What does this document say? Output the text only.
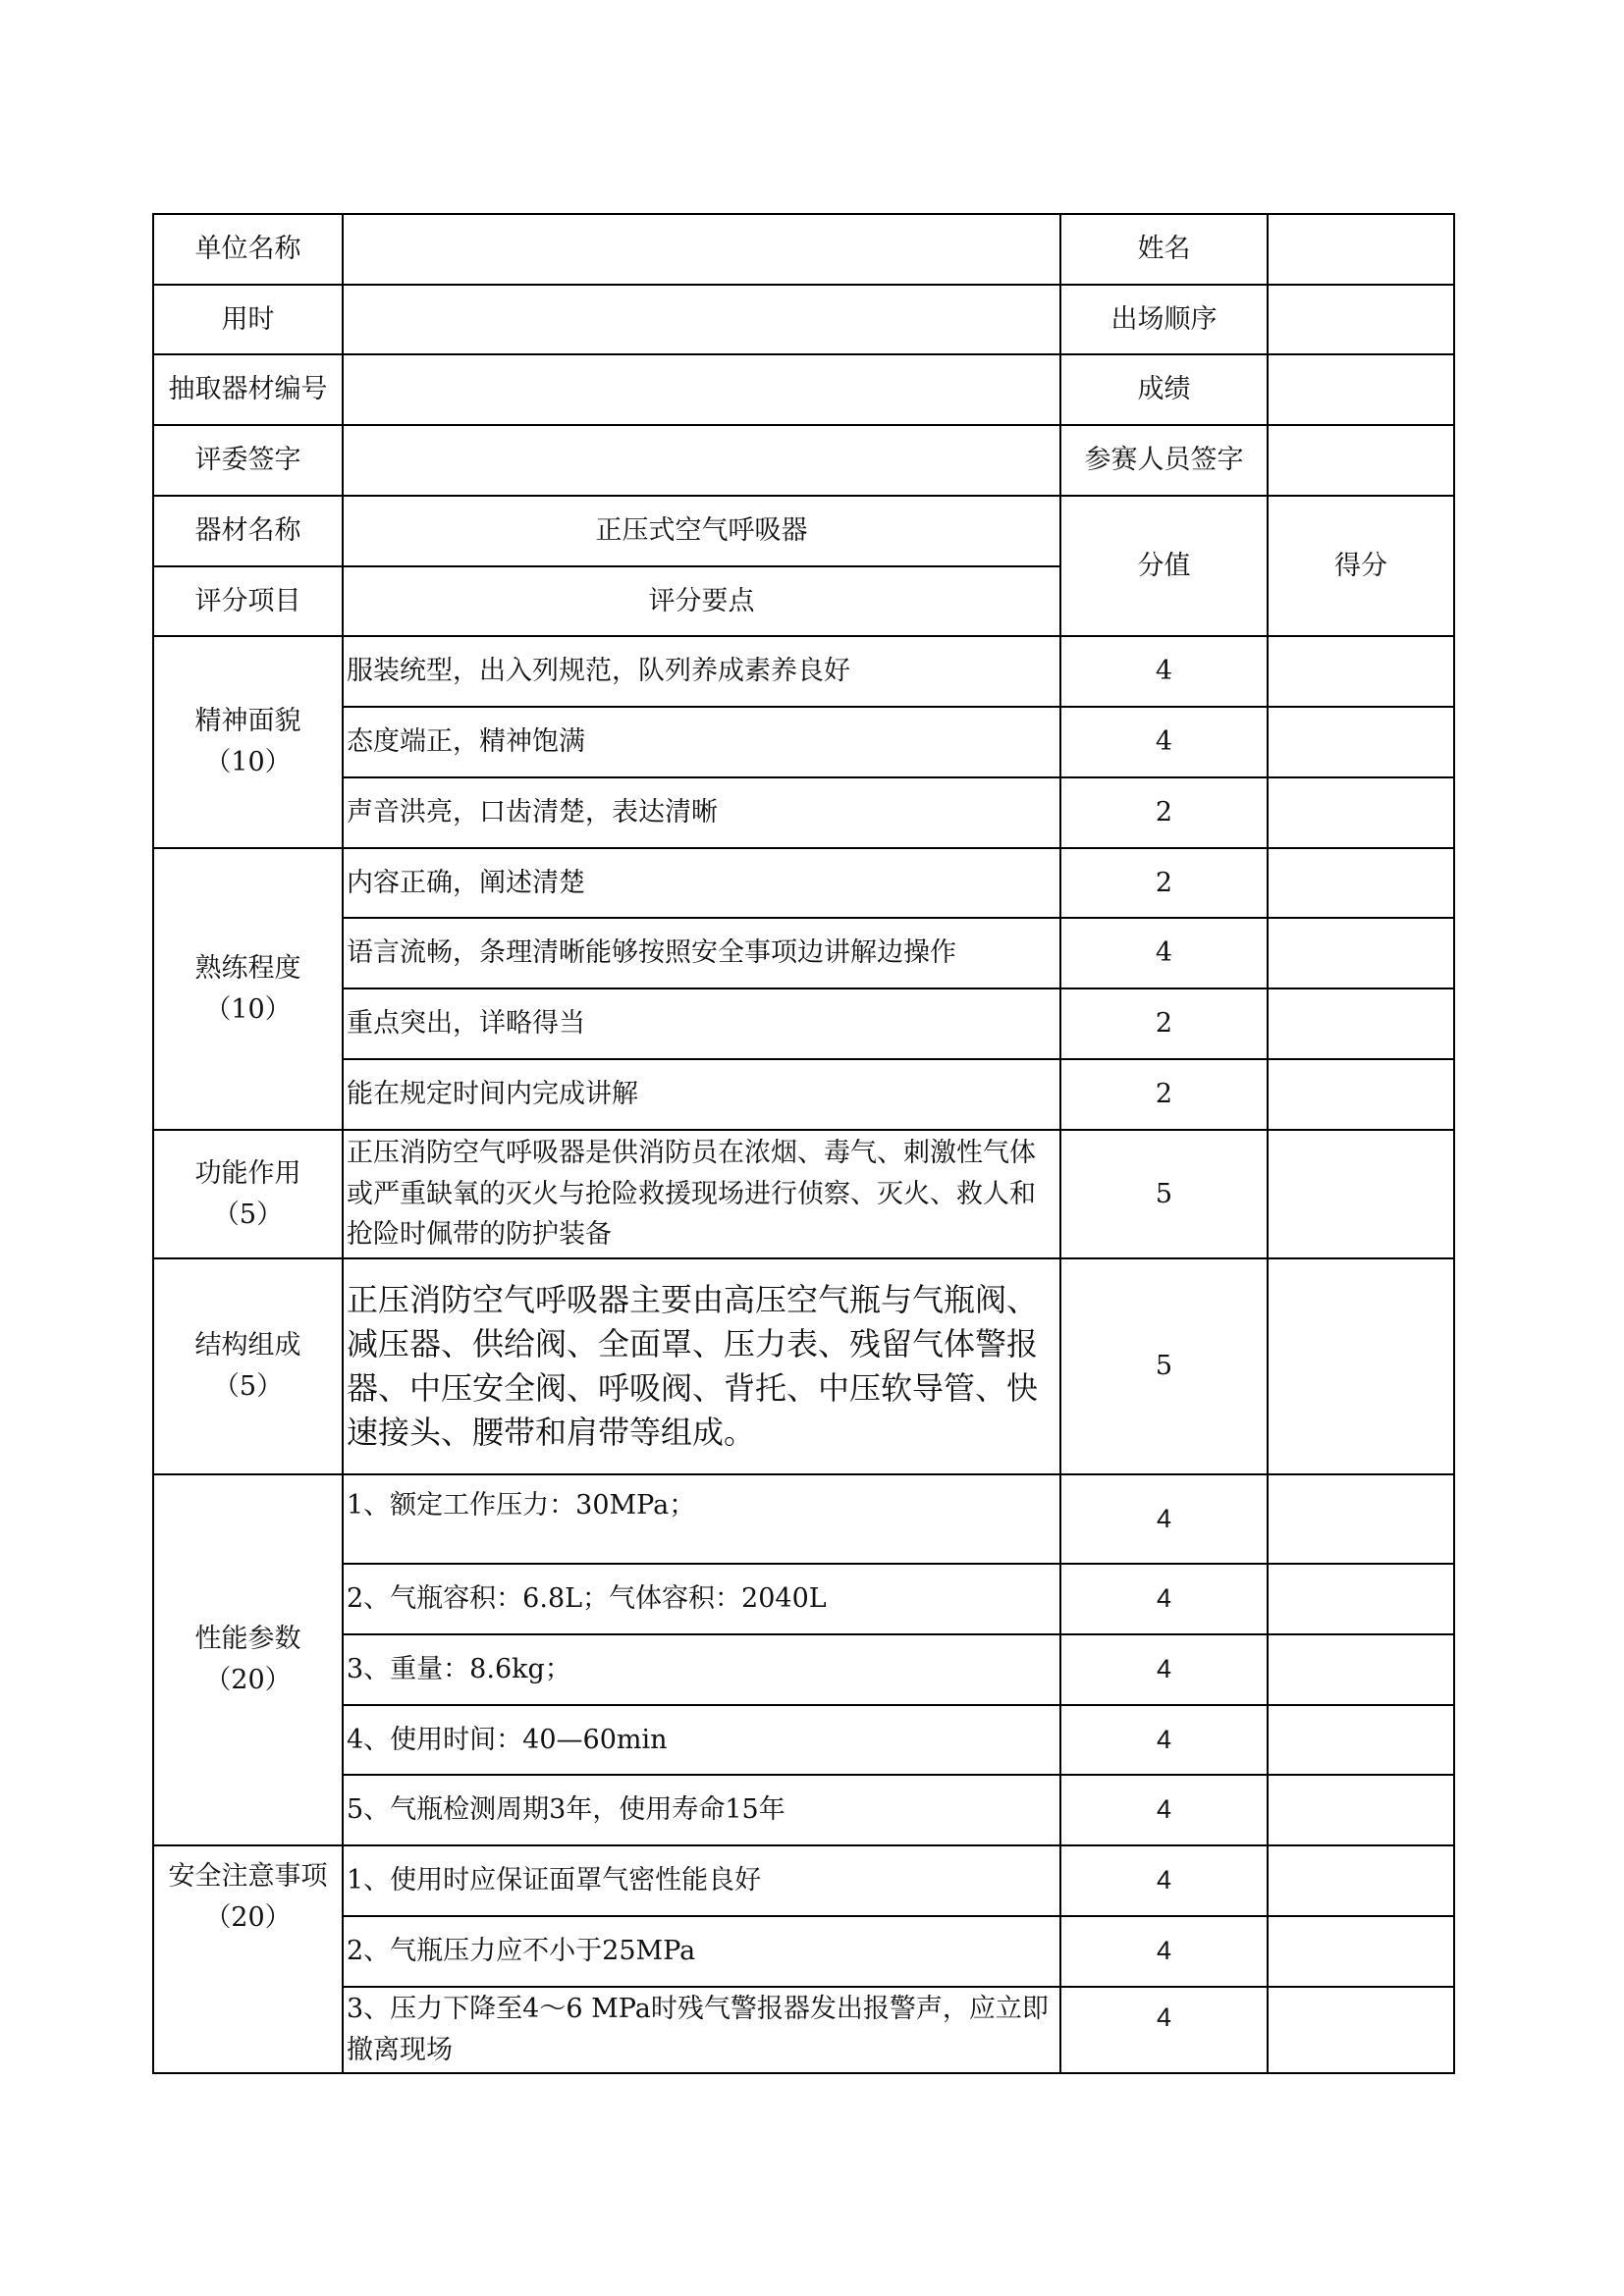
单位名称		姓名	
用时		出场顺序	
抽取器材编号		成绩	
评委签字		参赛人员签字	
器材名称	正压式空气呼吸器	分值	得分
评分项目	评分要点		

精神面貌
（10）	服装统型，出入列规范，队列养成素养良好	4	
	态度端正，精神饱满	4	
	声音洪亮，口齿清楚，表达清晰	2	

熟练程度
（10）	内容正确，阐述清楚	2	
	语言流畅，条理清晰能够按照安全事项边讲解边操作	4	
	重点突出，详略得当	2	
	能在规定时间内完成讲解	2	

功能作用
（5）	正压消防空气呼吸器是供消防员在浓烟、毒气、刺激性气体或严重缺氧的灭火与抢险救援现场进行侦察、灭火、救人和抢险时佩带的防护装备	5	

结构组成
（5）	正压消防空气呼吸器主要由高压空气瓶与气瓶阀、减压器、供给阀、全面罩、压力表、残留气体警报器、中压安全阀、呼吸阀、背托、中压软导管、快速接头、腰带和肩带等组成。	5	

性能参数
（20）	1、额定工作压力：30MPa；	4	
	2、气瓶容积：6.8L；气体容积：2040L	4	
	3、重量：8.6kg；	4	
	4、使用时间：40—60min	4	
	5、气瓶检测周期3年，使用寿命15年	4	

安全注意事项
（20）	1、使用时应保证面罩气密性能良好	4	
	2、气瓶压力应不小于25MPa	4	
	3、压力下降至4～6 MPa时残气警报器发出报警声，应立即撤离现场	4	
